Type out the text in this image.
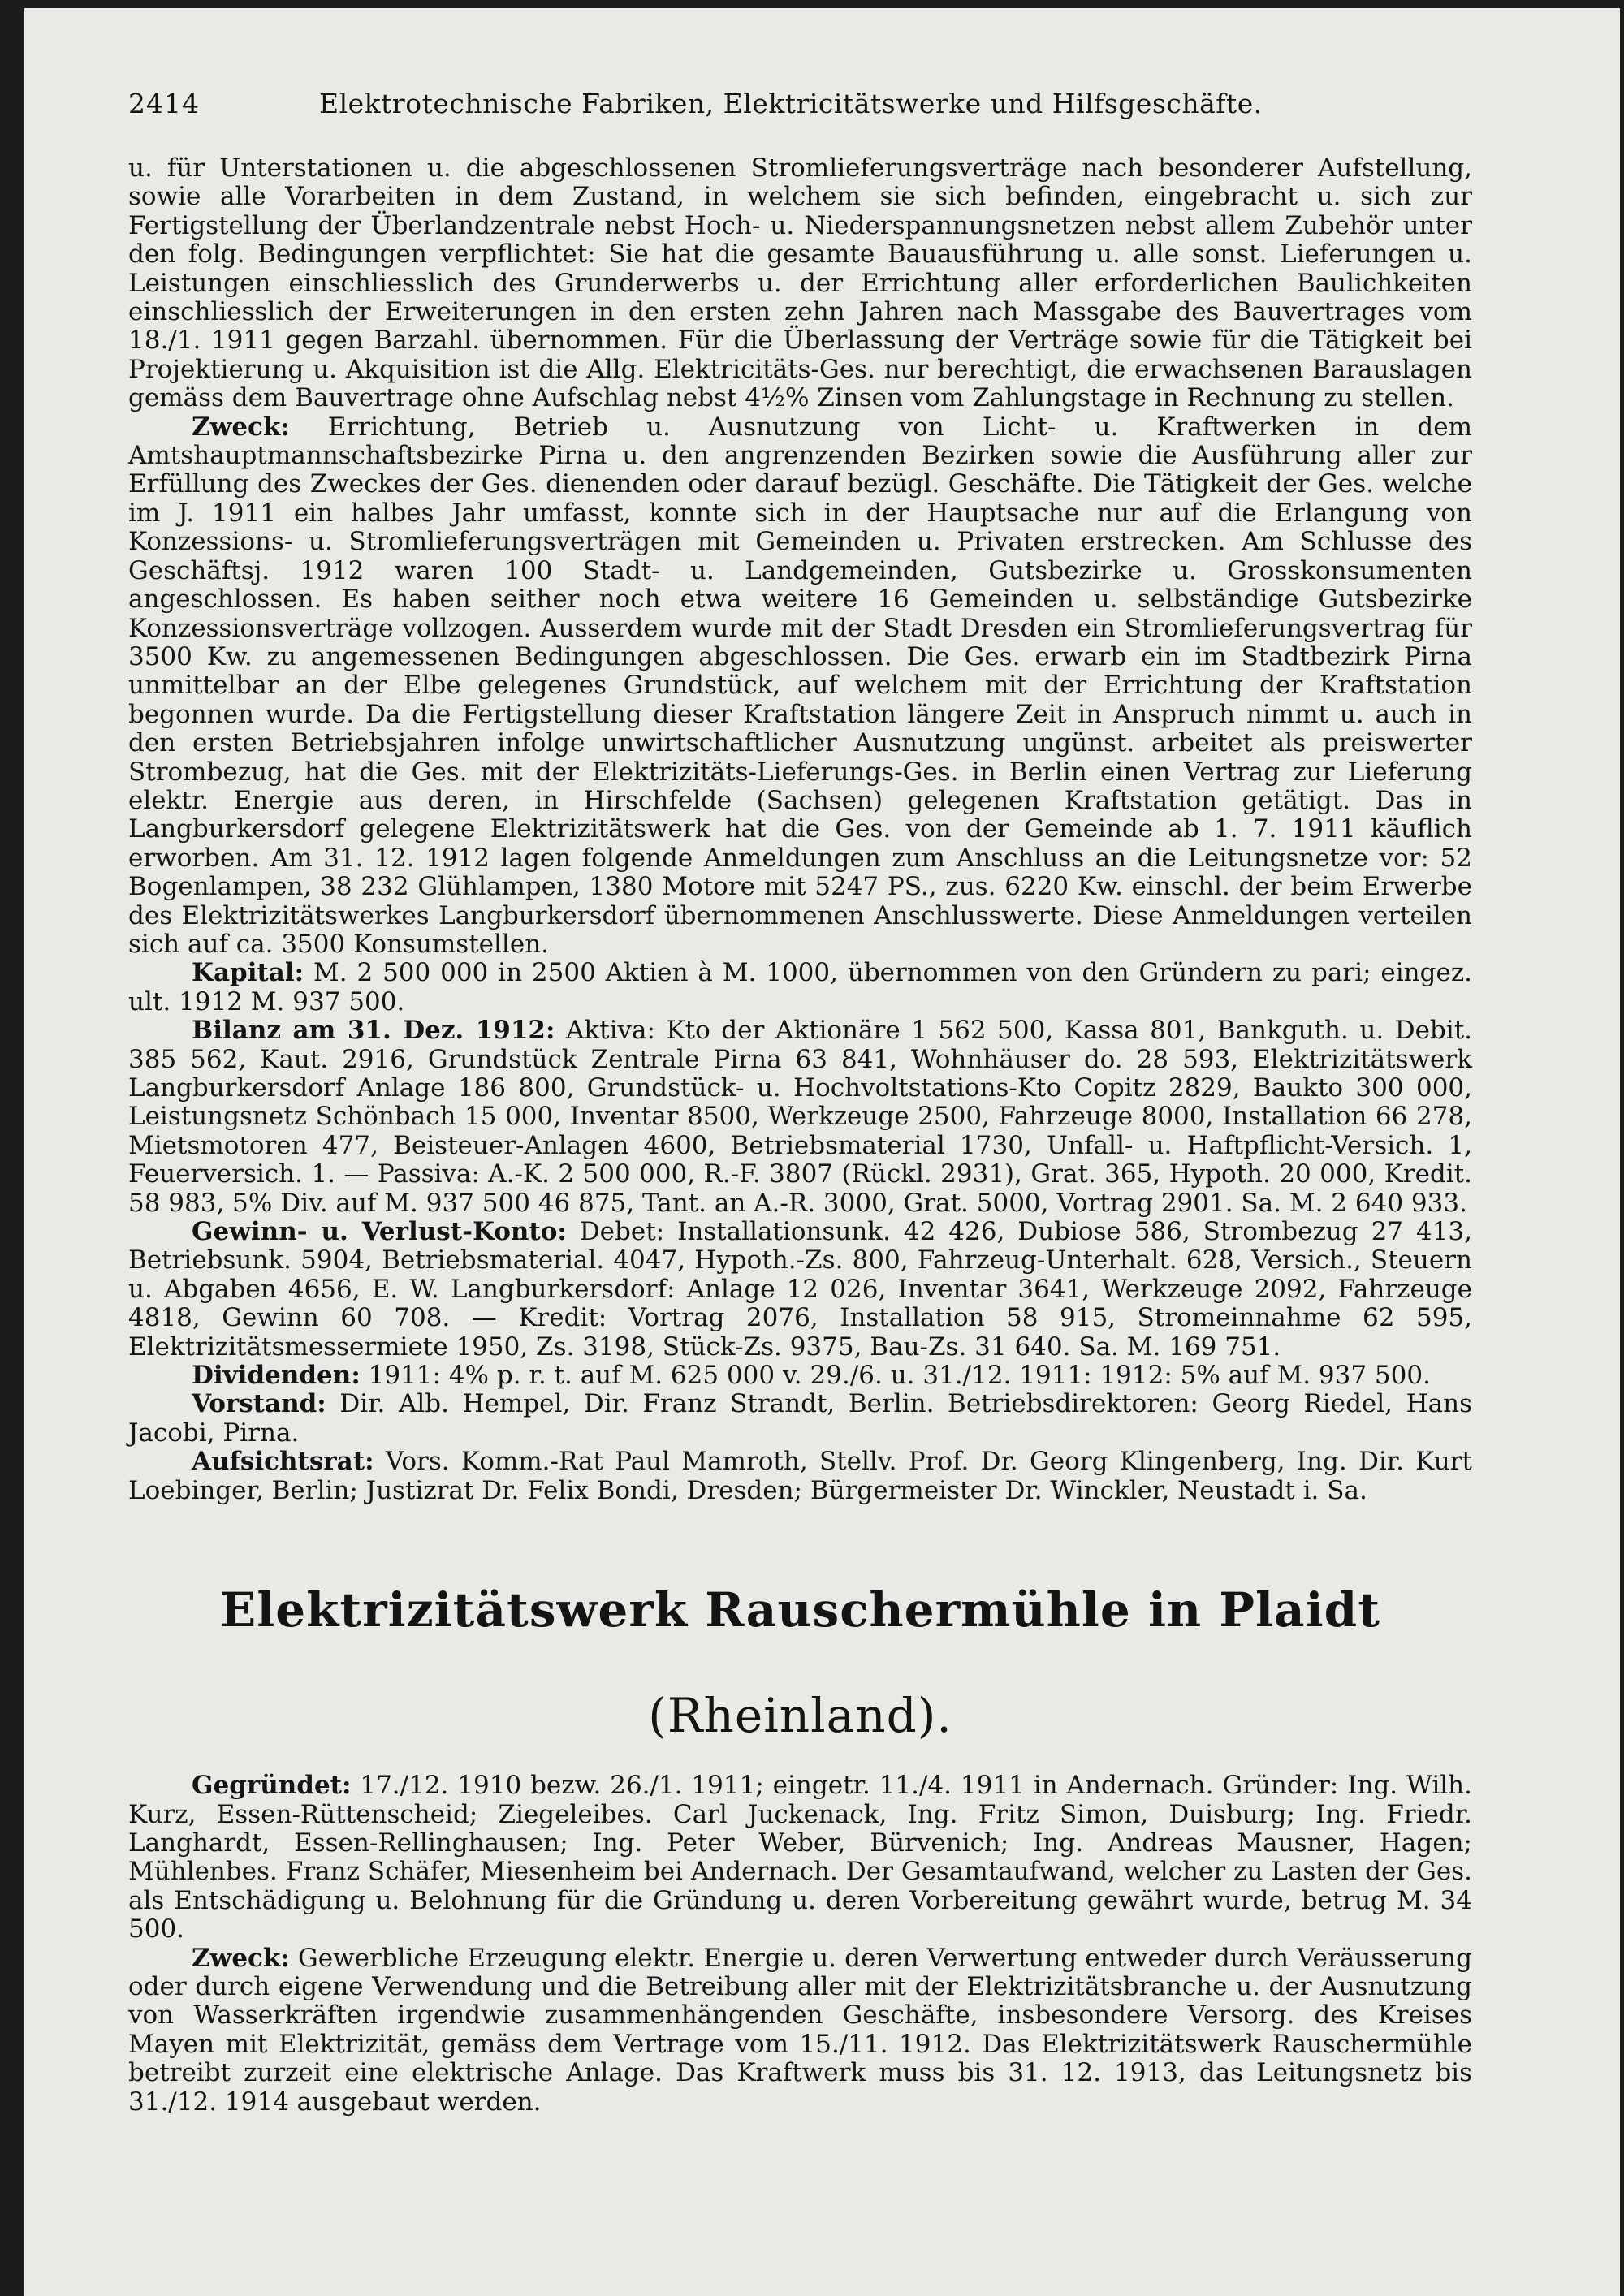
2414	Elektrotechnische Fabriken, Elektricitätswerke und Hilfsgeschäfte.

u. für Unterstationen u. die abgeschlossenen Stromlieferungsverträge nach besonderer Aufstellung, sowie alle Vorarbeiten in dem Zustand, in welchem sie sich befinden, eingebracht u. sich zur Fertigstellung der Überlandzentrale nebst Hoch- u. Niederspannungsnetzen nebst allem Zubehör unter den folg. Bedingungen verpflichtet: Sie hat die gesamte Bauausführung u. alle sonst. Lieferungen u. Leistungen einschliesslich des Grunderwerbs u. der Errichtung aller erforderlichen Baulichkeiten einschliesslich der Erweiterungen in den ersten zehn Jahren nach Massgabe des Bauvertrages vom 18./1. 1911 gegen Barzahl. übernommen. Für die Überlassung der Verträge sowie für die Tätigkeit bei Projektierung u. Akquisition ist die Allg. Elektricitäts-Ges. nur berechtigt, die erwachsenen Barauslagen gemäss dem Bauvertrage ohne Aufschlag nebst 4½% Zinsen vom Zahlungstage in Rechnung zu stellen.

Zweck: Errichtung, Betrieb u. Ausnutzung von Licht- u. Kraftwerken in dem Amtshauptmannschaftsbezirke Pirna u. den angrenzenden Bezirken sowie die Ausführung aller zur Erfüllung des Zweckes der Ges. dienenden oder darauf bezügl. Geschäfte. Die Tätigkeit der Ges. welche im J. 1911 ein halbes Jahr umfasst, konnte sich in der Hauptsache nur auf die Erlangung von Konzessions- u. Stromlieferungsverträgen mit Gemeinden u. Privaten erstrecken. Am Schlusse des Geschäftsj. 1912 waren 100 Stadt- u. Landgemeinden, Gutsbezirke u. Grosskonsumenten angeschlossen. Es haben seither noch etwa weitere 16 Gemeinden u. selbständige Gutsbezirke Konzessionsverträge vollzogen. Ausserdem wurde mit der Stadt Dresden ein Stromlieferungsvertrag für 3500 Kw. zu angemessenen Bedingungen abgeschlossen. Die Ges. erwarb ein im Stadtbezirk Pirna unmittelbar an der Elbe gelegenes Grundstück, auf welchem mit der Errichtung der Kraftstation begonnen wurde. Da die Fertigstellung dieser Kraftstation längere Zeit in Anspruch nimmt u. auch in den ersten Betriebsjahren infolge unwirtschaftlicher Ausnutzung ungünst. arbeitet als preiswerter Strombezug, hat die Ges. mit der Elektrizitäts-Lieferungs-Ges. in Berlin einen Vertrag zur Lieferung elektr. Energie aus deren, in Hirschfelde (Sachsen) gelegenen Kraftstation getätigt. Das in Langburkersdorf gelegene Elektrizitätswerk hat die Ges. von der Gemeinde ab 1. 7. 1911 käuflich erworben. Am 31. 12. 1912 lagen folgende Anmeldungen zum Anschluss an die Leitungsnetze vor: 52 Bogenlampen, 38 232 Glühlampen, 1380 Motore mit 5247 PS., zus. 6220 Kw. einschl. der beim Erwerbe des Elektrizitätswerkes Langburkersdorf übernommenen Anschlusswerte. Diese Anmeldungen verteilen sich auf ca. 3500 Konsumstellen.

Kapital: M. 2 500 000 in 2500 Aktien à M. 1000, übernommen von den Gründern zu pari; eingez. ult. 1912 M. 937 500.

Bilanz am 31. Dez. 1912: Aktiva: Kto der Aktionäre 1 562 500, Kassa 801, Bankguth. u. Debit. 385 562, Kaut. 2916, Grundstück Zentrale Pirna 63 841, Wohnhäuser do. 28 593, Elektrizitätswerk Langburkersdorf Anlage 186 800, Grundstück- u. Hochvoltstations-Kto Copitz 2829, Baukto 300 000, Leistungsnetz Schönbach 15 000, Inventar 8500, Werkzeuge 2500, Fahrzeuge 8000, Installation 66 278, Mietsmotoren 477, Beisteuer-Anlagen 4600, Betriebsmaterial 1730, Unfall- u. Haftpflicht-Versich. 1, Feuerversich. 1. — Passiva: A.-K. 2 500 000, R.-F. 3807 (Rückl. 2931), Grat. 365, Hypoth. 20 000, Kredit. 58 983, 5% Div. auf M. 937 500 46 875, Tant. an A.-R. 3000, Grat. 5000, Vortrag 2901. Sa. M. 2 640 933.

Gewinn- u. Verlust-Konto: Debet: Installationsunk. 42 426, Dubiose 586, Strombezug 27 413, Betriebsunk. 5904, Betriebsmaterial. 4047, Hypoth.-Zs. 800, Fahrzeug-Unterhalt. 628, Versich., Steuern u. Abgaben 4656, E. W. Langburkersdorf: Anlage 12 026, Inventar 3641, Werkzeuge 2092, Fahrzeuge 4818, Gewinn 60 708. — Kredit: Vortrag 2076, Installation 58 915, Stromeinnahme 62 595, Elektrizitätsmessermiete 1950, Zs. 3198, Stück-Zs. 9375, Bau-Zs. 31 640. Sa. M. 169 751.

Dividenden: 1911: 4% p. r. t. auf M. 625 000 v. 29./6. u. 31./12. 1911: 1912: 5% auf M. 937 500.

Vorstand: Dir. Alb. Hempel, Dir. Franz Strandt, Berlin. Betriebsdirektoren: Georg Riedel, Hans Jacobi, Pirna.

Aufsichtsrat: Vors. Komm.-Rat Paul Mamroth, Stellv. Prof. Dr. Georg Klingenberg, Ing. Dir. Kurt Loebinger, Berlin; Justizrat Dr. Felix Bondi, Dresden; Bürgermeister Dr. Winckler, Neustadt i. Sa.

Elektrizitätswerk Rauschermühle in Plaidt (Rheinland).

Gegründet: 17./12. 1910 bezw. 26./1. 1911; eingetr. 11./4. 1911 in Andernach. Gründer: Ing. Wilh. Kurz, Essen-Rüttenscheid; Ziegeleibes. Carl Juckenack, Ing. Fritz Simon, Duisburg; Ing. Friedr. Langhardt, Essen-Rellinghausen; Ing. Peter Weber, Bürvenich; Ing. Andreas Mausner, Hagen; Mühlenbes. Franz Schäfer, Miesenheim bei Andernach. Der Gesamtaufwand, welcher zu Lasten der Ges. als Entschädigung u. Belohnung für die Gründung u. deren Vorbereitung gewährt wurde, betrug M. 34 500.

Zweck: Gewerbliche Erzeugung elektr. Energie u. deren Verwertung entweder durch Veräusserung oder durch eigene Verwendung und die Betreibung aller mit der Elektrizitätsbranche u. der Ausnutzung von Wasserkräften irgendwie zusammenhängenden Geschäfte, insbesondere Versorg. des Kreises Mayen mit Elektrizität, gemäss dem Vertrage vom 15./11. 1912. Das Elektrizitätswerk Rauschermühle betreibt zurzeit eine elektrische Anlage. Das Kraftwerk muss bis 31. 12. 1913, das Leitungsnetz bis 31./12. 1914 ausgebaut werden.
